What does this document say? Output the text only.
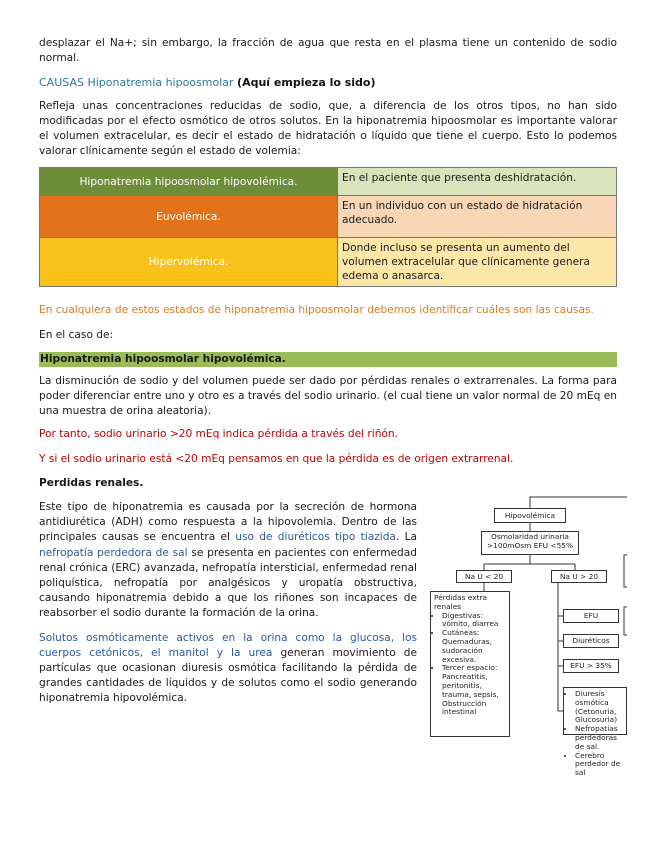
desplazar el Na+; sin embargo, la fracción de agua que resta en el plasma tiene un contenido de sodio normal.

CAUSAS Hiponatremia hipoosmolar (Aquí empieza lo sido)

Refleja unas concentraciones reducidas de sodio, que, a diferencia de los otros tipos, no han sido modificadas por el efecto osmótico de otros solutos. En la hiponatremia hipoosmolar es importante valorar el volumen extracelular, es decir el estado de hidratación o líquido que tiene el cuerpo. Esto lo podemos valorar clínicamente según el estado de volemia:

Hiponatremia hipoosmolar hipovolémica.	En el paciente que presenta deshidratación.
Euvolémica.	En un individuo con un estado de hidratación adecuado.
Hipervolémica.	Donde incluso se presenta un aumento del volumen extracelular que clínicamente genera edema o anasarca.

En cualquiera de estos estados de hiponatremia hipoosmolar debemos identificar cuáles son las causas.

En el caso de:

Hiponatremia hipoosmolar hipovolémica.

La disminución de sodio y del volumen puede ser dado por pérdidas renales o extrarrenales. La forma para poder diferenciar entre uno y otro es a través del sodio urinario. (el cual tiene un valor normal de 20 mEq en una muestra de orina aleatoria).

Por tanto, sodio urinario >20 mEq indica pérdida a través del riñón.

Y si el sodio urinario está <20 mEq pensamos en que la pérdida es de origen extrarrenal.

Perdidas renales.

Este tipo de hiponatremia es causada por la secreción de hormona antidiurética (ADH) como respuesta a la hipovolemia. Dentro de las principales causas se encuentra el uso de diuréticos tipo tiazida. La nefropatía perdedora de sal se presenta en pacientes con enfermedad renal crónica (ERC) avanzada, nefropatía intersticial, enfermedad renal poliquística, nefropatía por analgésicos y uropatía obstructiva, causando hiponatremia debido a que los riñones son incapaces de reabsorber el sodio durante la formación de la orina.

Solutos osmóticamente activos en la orina como la glucosa, los cuerpos cetónicos, el manitol y la urea generan movimiento de partículas que ocasionan diuresis osmótica facilitando la pérdida de grandes cantidades de líquidos y de solutos como el sodio generando hiponatremia hipovolémica.

Hipovolémica
Osmolaridad urinaria >100mOsm EFU <55%
Na U < 20	Na U > 20
Pérdidas extra renales
• Digestivas: vómito, diarrea
• Cutáneas: Quemaduras, sudoración excesiva.
• Tercer espacio: Pancreatitis, peritonitis, trauma, sepsis, Obstrucción intestinal
EFU
Diuréticos
EFU > 35%
• Diuresis osmótica (Cetonuria, Glucosuria)
• Nefropatías perdedoras de sal.
• Cerebro perdedor de sal
